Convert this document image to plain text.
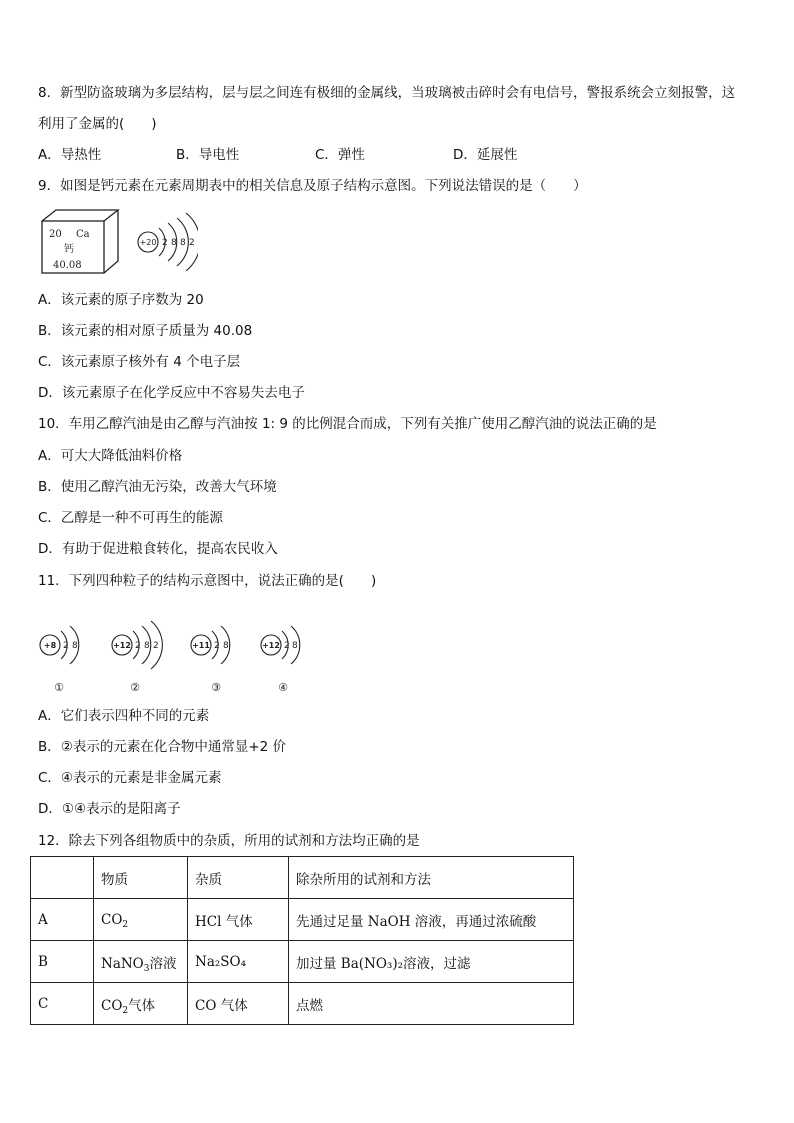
8．新型防盗玻璃为多层结构，层与层之间连有极细的金属线，当玻璃被击碎时会有电信号，警报系统会立刻报警，这
利用了金属的(　　)
A．导热性	B．导电性	C．弹性	D．延展性
9．如图是钙元素在元素周期表中的相关信息及原子结构示意图。下列说法错误的是（　　）
20 Ca
钙
40.08
+20 2 8 8 2
A．该元素的原子序数为 20
B．该元素的相对原子质量为 40.08
C．该元素原子核外有 4 个电子层
D．该元素原子在化学反应中不容易失去电子
10．车用乙醇汽油是由乙醇与汽油按 1: 9 的比例混合而成，下列有关推广使用乙醇汽油的说法正确的是
A．可大大降低油料价格
B．使用乙醇汽油无污染，改善大气环境
C．乙醇是一种不可再生的能源
D．有助于促进粮食转化，提高农民收入
11．下列四种粒子的结构示意图中，说法正确的是(　　)
+8 2 8
①
+12 2 8 2
②
+11 2 8
③
+12 2 8
④
A．它们表示四种不同的元素
B．②表示的元素在化合物中通常显+2 价
C．④表示的元素是非金属元素
D．①④表示的是阳离子
12．除去下列各组物质中的杂质，所用的试剂和方法均正确的是
	物质	杂质	除杂所用的试剂和方法
A	$CO_2$	HCl 气体	先通过足量 NaOH 溶液，再通过浓硫酸
B	NaNO$_3$溶液	Na₂SO₄	加过量 Ba(NO₃)₂溶液，过滤
C	$CO_2$气体	CO 气体	点燃
